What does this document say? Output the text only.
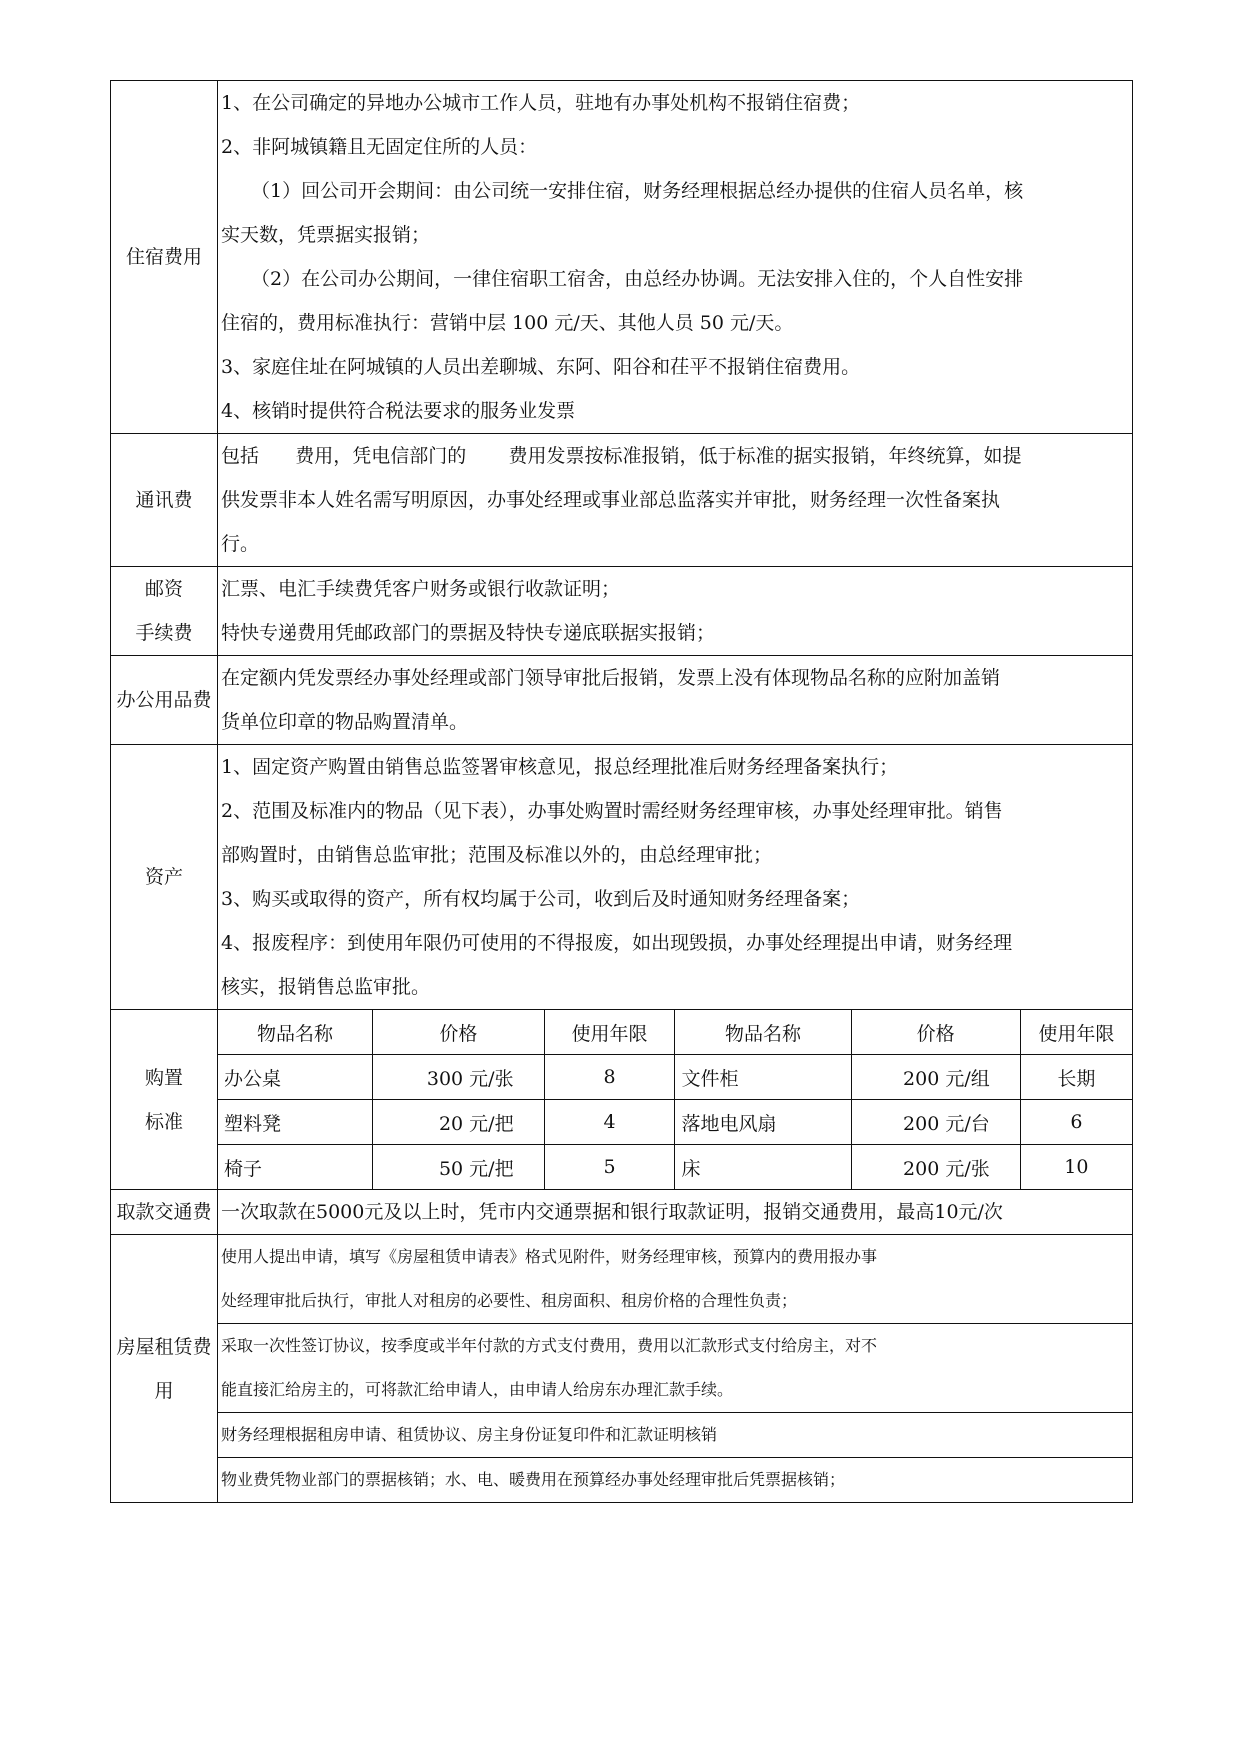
住宿费用	
1、在公司确定的异地办公城市工作人员，驻地有办事处机构不报销住宿费；
2、非阿城镇籍且无固定住所的人员：
（1）回公司开会期间：由公司统一安排住宿，财务经理根据总经办提供的住宿人员名单，核
实天数，凭票据实报销；
（2）在公司办公期间，一律住宿职工宿舍，由总经办协调。无法安排入住的，个人自性安排
住宿的，费用标准执行：营销中层 100 元/天、其他人员 50 元/天。
3、家庭住址在阿城镇的人员出差聊城、东阿、阳谷和茌平不报销住宿费用。
4、核销时提供符合税法要求的服务业发票

通讯费	
包括      费用，凭电信部门的       费用发票按标准报销，低于标准的据实报销，年终统算，如提
供发票非本人姓名需写明原因，办事处经理或事业部总监落实并审批，财务经理一次性备案执
行。

邮资
手续费

汇票、电汇手续费凭客户财务或银行收款证明；
特快专递费用凭邮政部门的票据及特快专递底联据实报销；

办公用品费	
在定额内凭发票经办事处经理或部门领导审批后报销，发票上没有体现物品名称的应附加盖销
货单位印章的物品购置清单。

资产	
1、固定资产购置由销售总监签署审核意见，报总经理批准后财务经理备案执行；
2、范围及标准内的物品（见下表），办事处购置时需经财务经理审核，办事处经理审批。销售
部购置时，由销售总监审批；范围及标准以外的，由总经理审批；
3、购买或取得的资产，所有权均属于公司，收到后及时通知财务经理备案；
4、报废程序：到使用年限仍可使用的不得报废，如出现毁损，办事处经理提出申请，财务经理
核实，报销售总监审批。

购置
标准

物品名称	价格	使用年限	物品名称	价格	使用年限
办公桌	300 元/张	8	文件柜	200 元/组	长期
塑料凳	20 元/把	4	落地电风扇	200 元/台	6
椅子	50 元/把	5	床	200 元/张	10

取款交通费	一次取款在5000元及以上时，凭市内交通票据和银行取款证明，报销交通费用，最高10元/次

房屋租赁费
用

使用人提出申请，填写《房屋租赁申请表》格式见附件，财务经理审核，预算内的费用报办事
处经理审批后执行，审批人对租房的必要性、租房面积、租房价格的合理性负责；
采取一次性签订协议，按季度或半年付款的方式支付费用，费用以汇款形式支付给房主，对不
能直接汇给房主的，可将款汇给申请人，由申请人给房东办理汇款手续。
财务经理根据租房申请、租赁协议、房主身份证复印件和汇款证明核销
物业费凭物业部门的票据核销；水、电、暖费用在预算经办事处经理审批后凭票据核销；
